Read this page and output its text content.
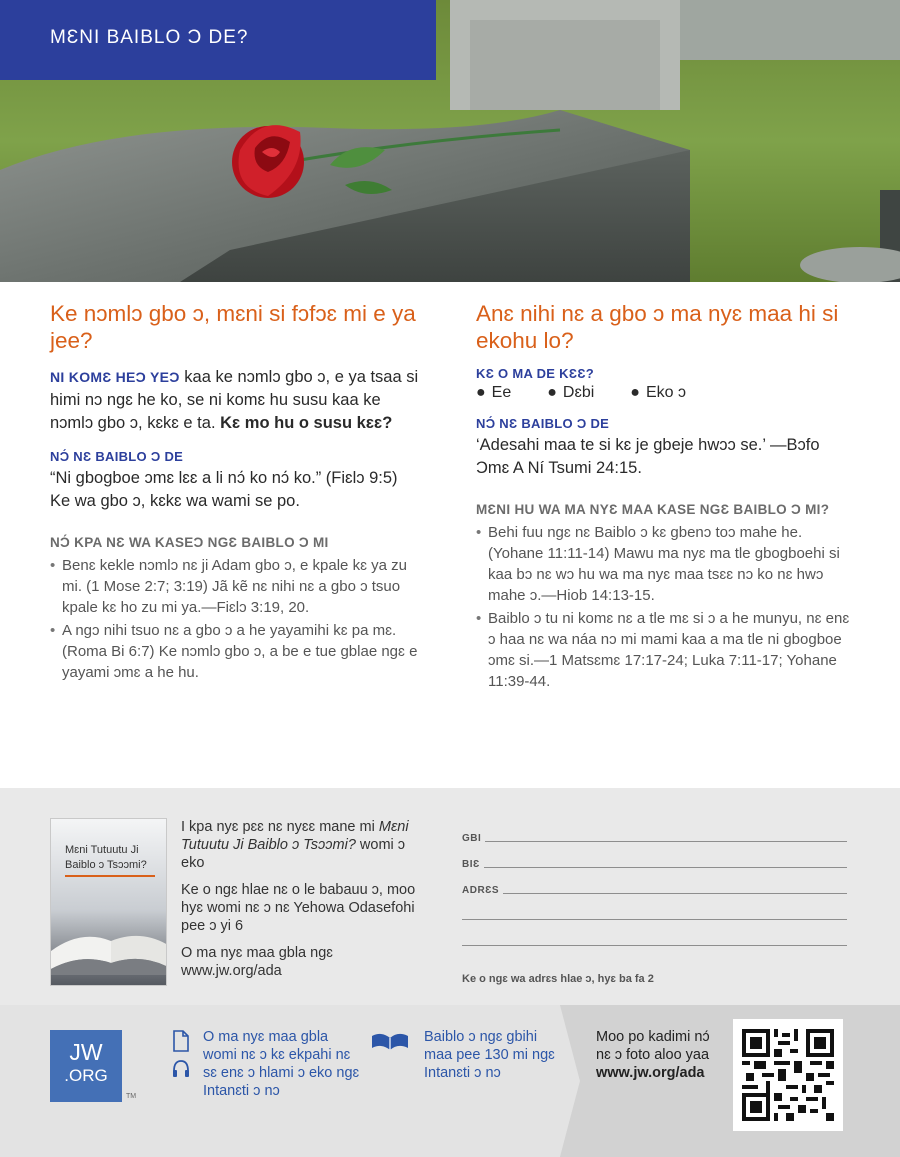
MƐNI BAIBLO Ɔ DE?
Ke nɔmlɔ gbo ɔ, mɛni si fɔfɔɛ mi e ya jee?

NI KOMƐ HEƆ YEƆ kaa ke nɔmlɔ gbo ɔ, e ya tsaa si himi nɔ ngɛ he ko, se ni komɛ hu susu kaa ke nɔmlɔ gbo ɔ, kɛkɛ e ta. Kɛ mo hu o susu kɛɛ?

NƆ́ NƐ BAIBLO Ɔ DE

“Ni gbogboe ɔmɛ lɛɛ a li nɔ́ ko nɔ́ ko.” (Fiɛlɔ 9:5) Ke wa gbo ɔ, kɛkɛ wa wami se po.

NƆ́ KPA NƐ WA KASEƆ NGƐ BAIBLO Ɔ MI
• Benɛ kekle nɔmlɔ nɛ ji Adam gbo ɔ, e kpale kɛ ya zu mi. (1 Mose 2:7; 3:19) Jã kẽ nɛ nihi nɛ a gbo ɔ tsuo kpale kɛ ho zu mi ya.—Fiɛlɔ 3:19, 20.
• A ngɔ nihi tsuo nɛ a gbo ɔ a he yayamihi kɛ pa mɛ. (Roma Bi 6:7) Ke nɔmlɔ gbo ɔ, a be e tue gblae ngɛ e yayami ɔmɛ a he hu.
Anɛ nihi nɛ a gbo ɔ ma nyɛ maa hi si ekohu lo?
KƐ O MA DE KƐƐ?
● Ee ● Dɛbi ● Eko ɔ
NƆ́ NƐ BAIBLO Ɔ DE

‘Adesahi maa te si kɛ je gbeje hwɔɔ se.’ —Bɔfo Ɔmɛ A Ní Tsumi 24:15.

MƐNI HU WA MA NYƐ MAA KASE NGƐ BAIBLO Ɔ MI?
• Behi fuu ngɛ nɛ Baiblo ɔ kɛ gbenɔ toɔ mahe he. (Yohane 11:11-14) Mawu ma nyɛ ma tle gbogboehi si kaa bɔ nɛ wɔ hu wa ma nyɛ maa tsɛɛ nɔ ko nɛ hwɔ mahe ɔ.—Hiob 14:13-15.
• Baiblo ɔ tu ni komɛ nɛ a tle mɛ si ɔ a he munyu, nɛ enɛ ɔ haa nɛ wa náa nɔ mi mami kaa a ma tle ni gbogboe ɔmɛ si.—1 Matsɛmɛ 17:17-24; Luka 7:11-17; Yohane 11:39-44.
Mɛni Tutuutu Ji Baiblo ɔ Tsɔɔmi?

I kpa nyɛ pɛɛ nɛ nyɛɛ mane mi Mɛni Tutuutu Ji Baiblo ɔ Tsɔɔmi? womi ɔ eko

Ke o ngɛ hlae nɛ o le babauu ɔ, moo hyɛ womi nɛ ɔ nɛ Yehowa Odasefohi pee ɔ yi 6

O ma nyɛ maa gbla ngɛ www.jw.org/ada

GBI
BIƐ
ADRƐS
Ke o ngɛ wa adrɛs hlae ɔ, hyɛ ba fa 2
JW
.ORG
TM
O ma nyɛ maa gbla womi nɛ ɔ kɛ ekpahi nɛ sɛ enɛ ɔ hlami ɔ eko ngɛ Intanɛti ɔ nɔ
Baiblo ɔ ngɛ gbihi maa pee 130 mi ngɛ Intanɛti ɔ nɔ
Moo po kadimi nɔ́ nɛ ɔ foto aloo yaa www.jw.org/ada
